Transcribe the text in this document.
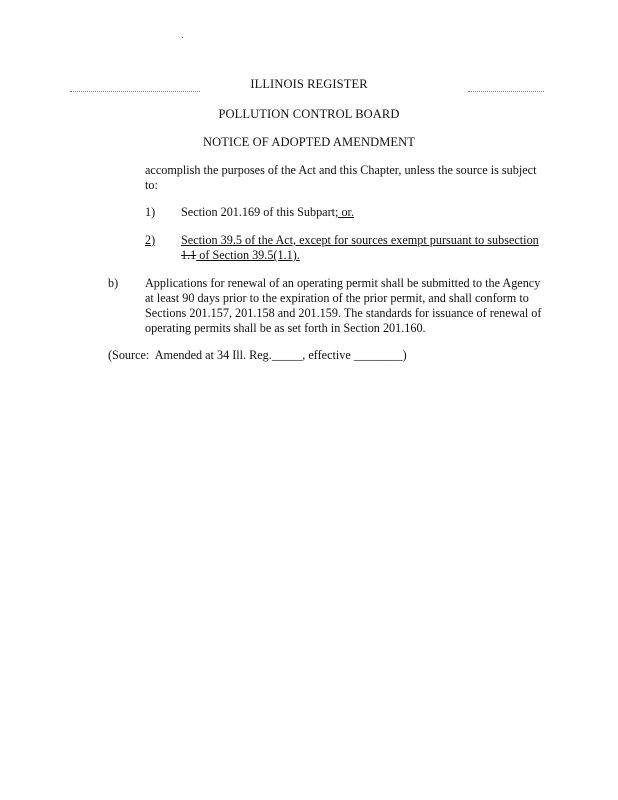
ILLINOIS REGISTER
POLLUTION CONTROL BOARD
NOTICE OF ADOPTED AMENDMENT
accomplish the purposes of the Act and this Chapter, unless the source is subject
to:
1) Section 201.169 of this Subpart; or.
2) Section 39.5 of the Act, except for sources exempt pursuant to subsection
1.1 of Section 39.5(1.1).
b) Applications for renewal of an operating permit shall be submitted to the Agency
at least 90 days prior to the expiration of the prior permit, and shall conform to
Sections 201.157, 201.158 and 201.159. The standards for issuance of renewal of
operating permits shall be as set forth in Section 201.160.
(Source:  Amended at 34 Ill. Reg._____, effective ________)
